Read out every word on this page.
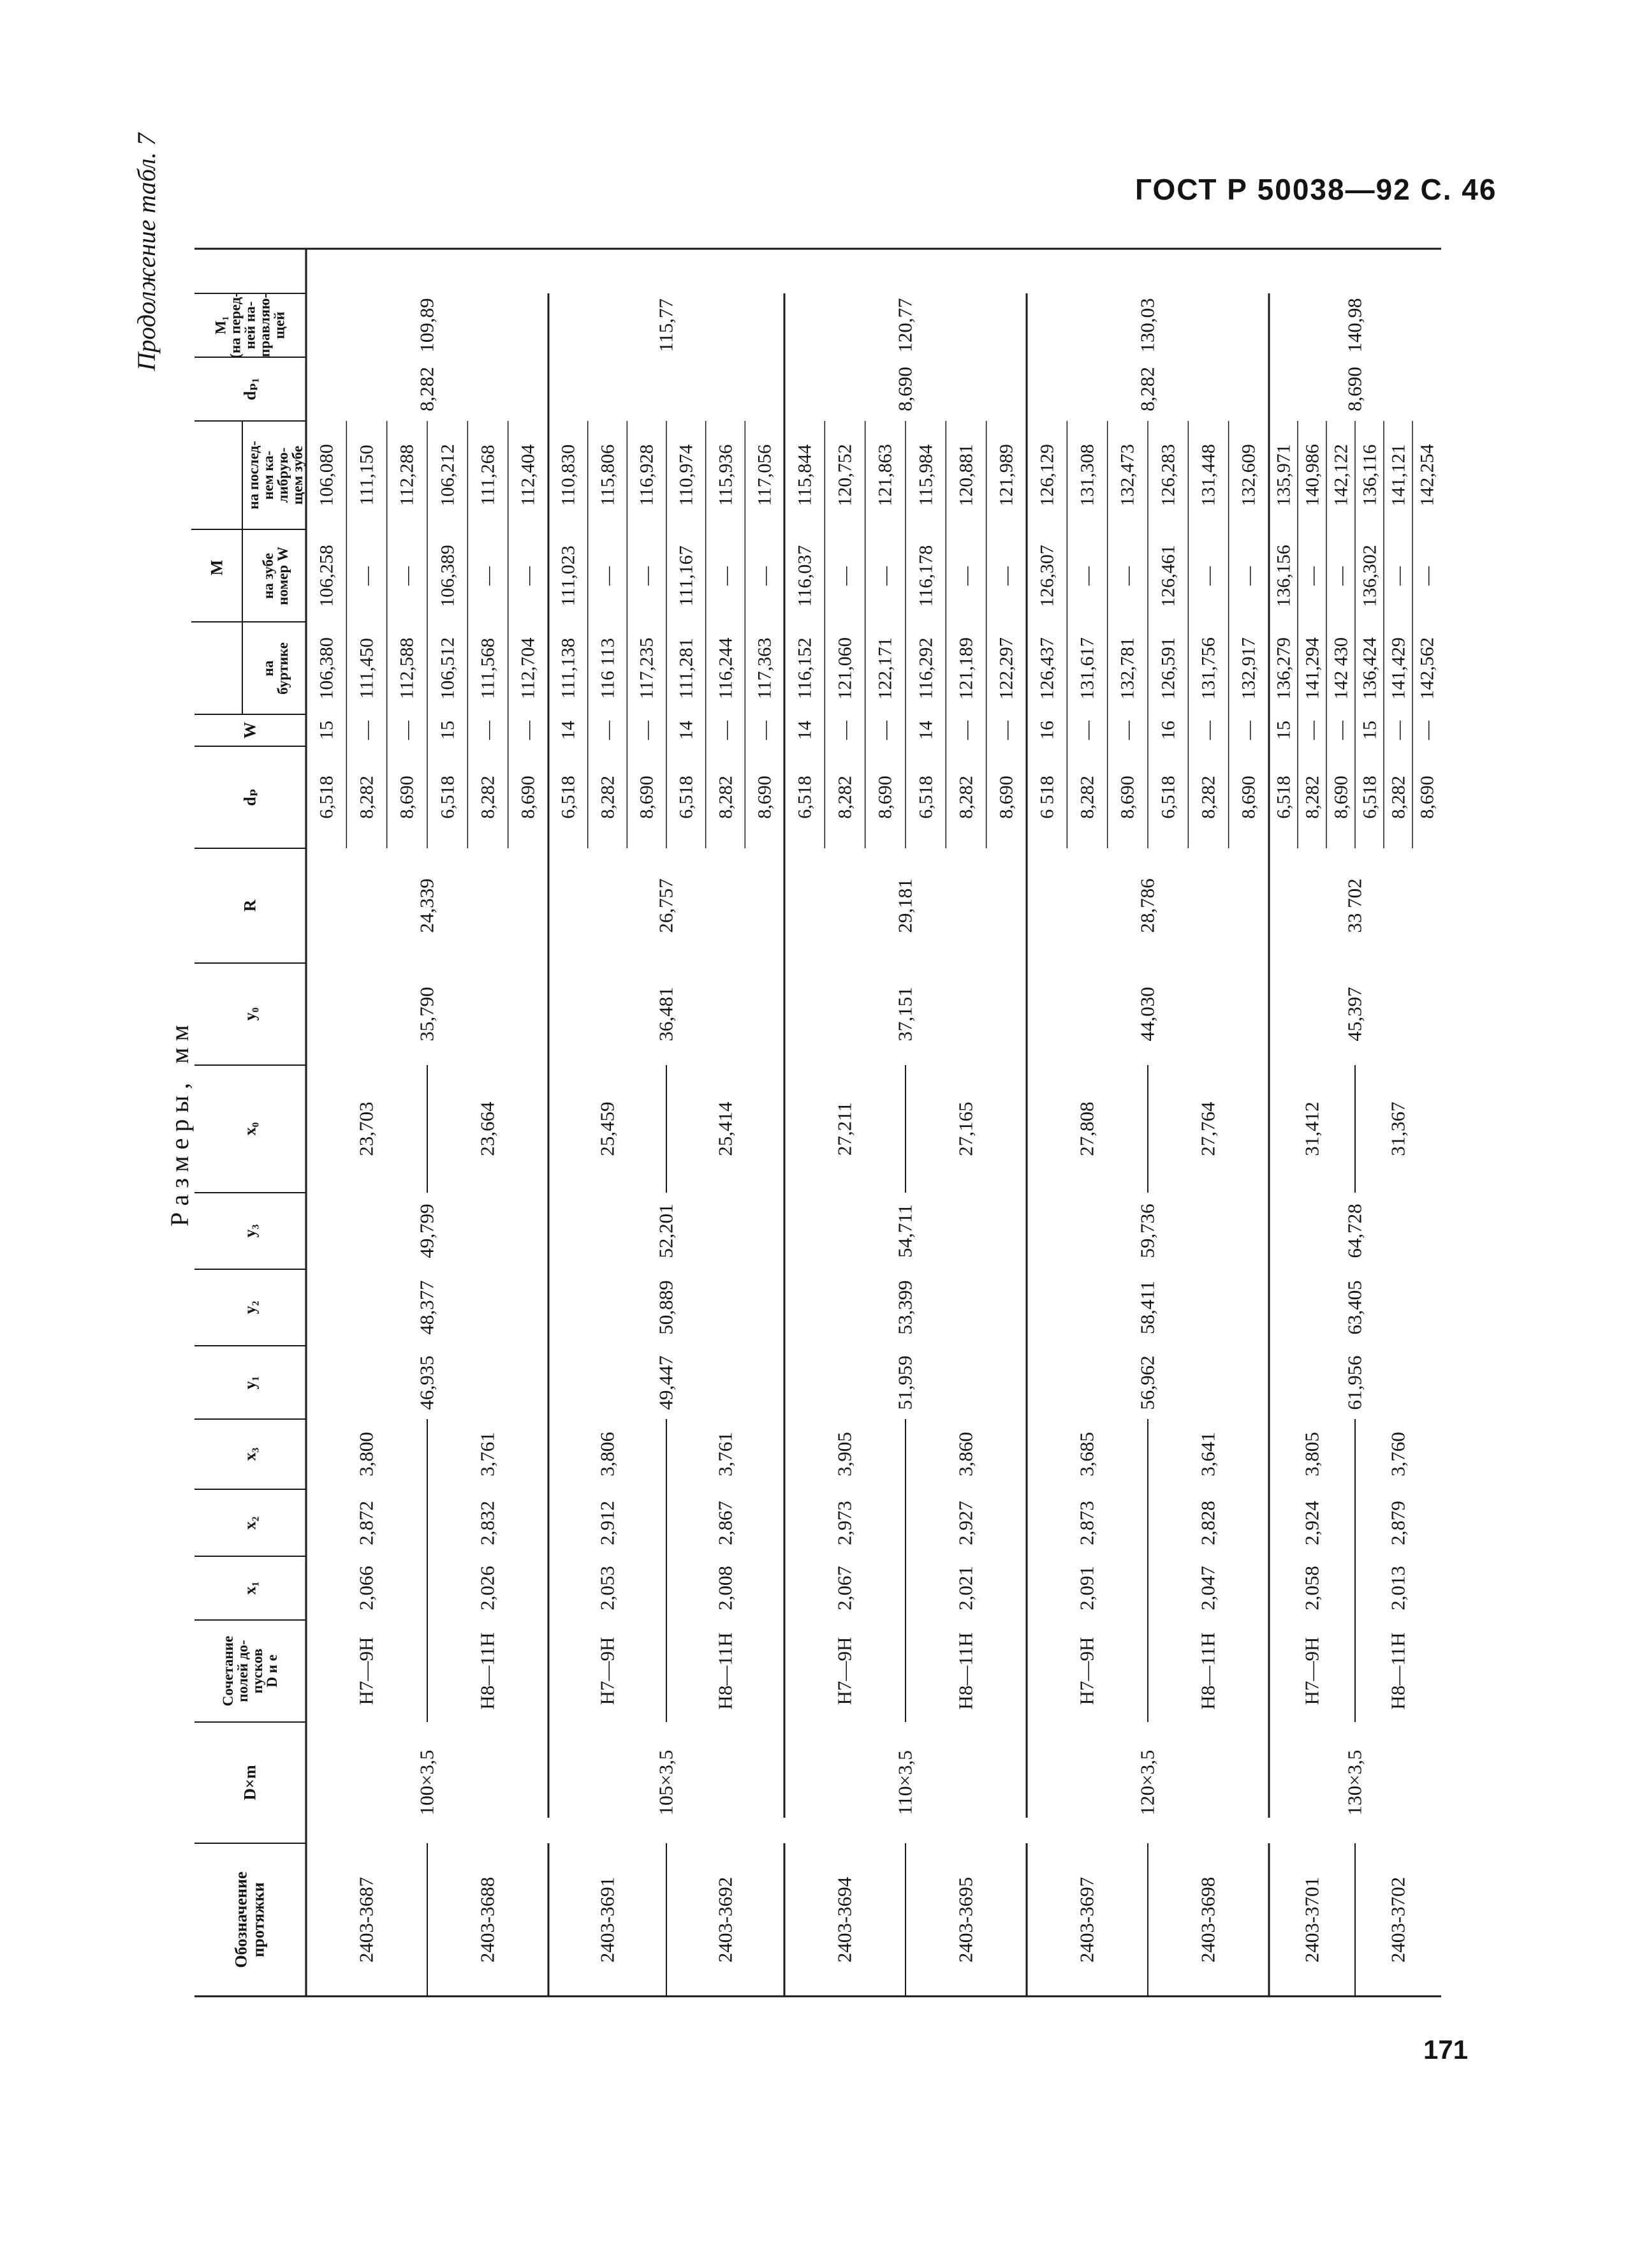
ГОСТ Р 50038—92 С. 46
Продолжение табл. 7
Размеры, мм
Обозначение
протяжки
D×m
Сочетание
полей до-
пусков
D и e
x₁
x₂
x₃
y₁
y₂
y₃
x₀
y₀
R
dₚ
W
M
на
буртике
на зубе
номер W
на послед-
нем ка-
либрую-
щем зубе
dₚ₁
M₁
(на перед-
ней на-
правляю-
щей
100×3,5
46,935
48,377
49,799
35,790
24,339
8,282
109,89
2403-3687
H7—9H
2,066
2,872
3,800
23,703
6,518
15
106,380
106,258
106,080
8,282
—
111,450
—
111,150
8,690
—
112,588
—
112,288
2403-3688
H8—11H
2,026
2,832
3,761
23,664
6,518
15
106,512
106,389
106,212
8,282
—
111,568
—
111,268
8,690
—
112,704
—
112,404
105×3,5
49,447
50,889
52,201
36,481
26,757
115,77
2403-3691
H7—9H
2,053
2,912
3,806
25,459
6,518
14
111,138
111,023
110,830
8,282
—
116 113
—
115,806
8,690
—
117,235
—
116,928
2403-3692
H8—11H
2,008
2,867
3,761
25,414
6,518
14
111,281
111,167
110,974
8,282
—
116,244
—
115,936
8,690
—
117,363
—
117,056
110×3,5
51,959
53,399
54,711
37,151
29,181
8,690
120,77
2403-3694
H7—9H
2,067
2,973
3,905
27,211
6,518
14
116,152
116,037
115,844
8,282
—
121,060
—
120,752
8,690
—
122,171
—
121,863
2403-3695
H8—11H
2,021
2,927
3,860
27,165
6,518
14
116,292
116,178
115,984
8,282
—
121,189
—
120,881
8,690
—
122,297
—
121,989
120×3,5
56,962
58,411
59,736
44,030
28,786
8,282
130,03
2403-3697
H7—9H
2,091
2,873
3,685
27,808
6 518
16
126,437
126,307
126,129
8,282
—
131,617
—
131,308
8,690
—
132,781
—
132,473
2403-3698
H8—11H
2,047
2,828
3,641
27,764
6,518
16
126,591
126,461
126,283
8,282
—
131,756
—
131,448
8,690
—
132,917
—
132,609
130×3,5
61,956
63,405
64,728
45,397
33 702
8,690
140,98
2403-3701
H7—9H
2,058
2,924
3,805
31,412
6,518
15
136,279
136,156
135,971
8,282
—
141,294
—
140,986
8,690
—
142 430
—
142,122
2403-3702
H8—11H
2,013
2,879
3,760
31,367
6,518
15
136,424
136,302
136,116
8,282
—
141,429
—
141,121
8,690
—
142,562
—
142,254
171
